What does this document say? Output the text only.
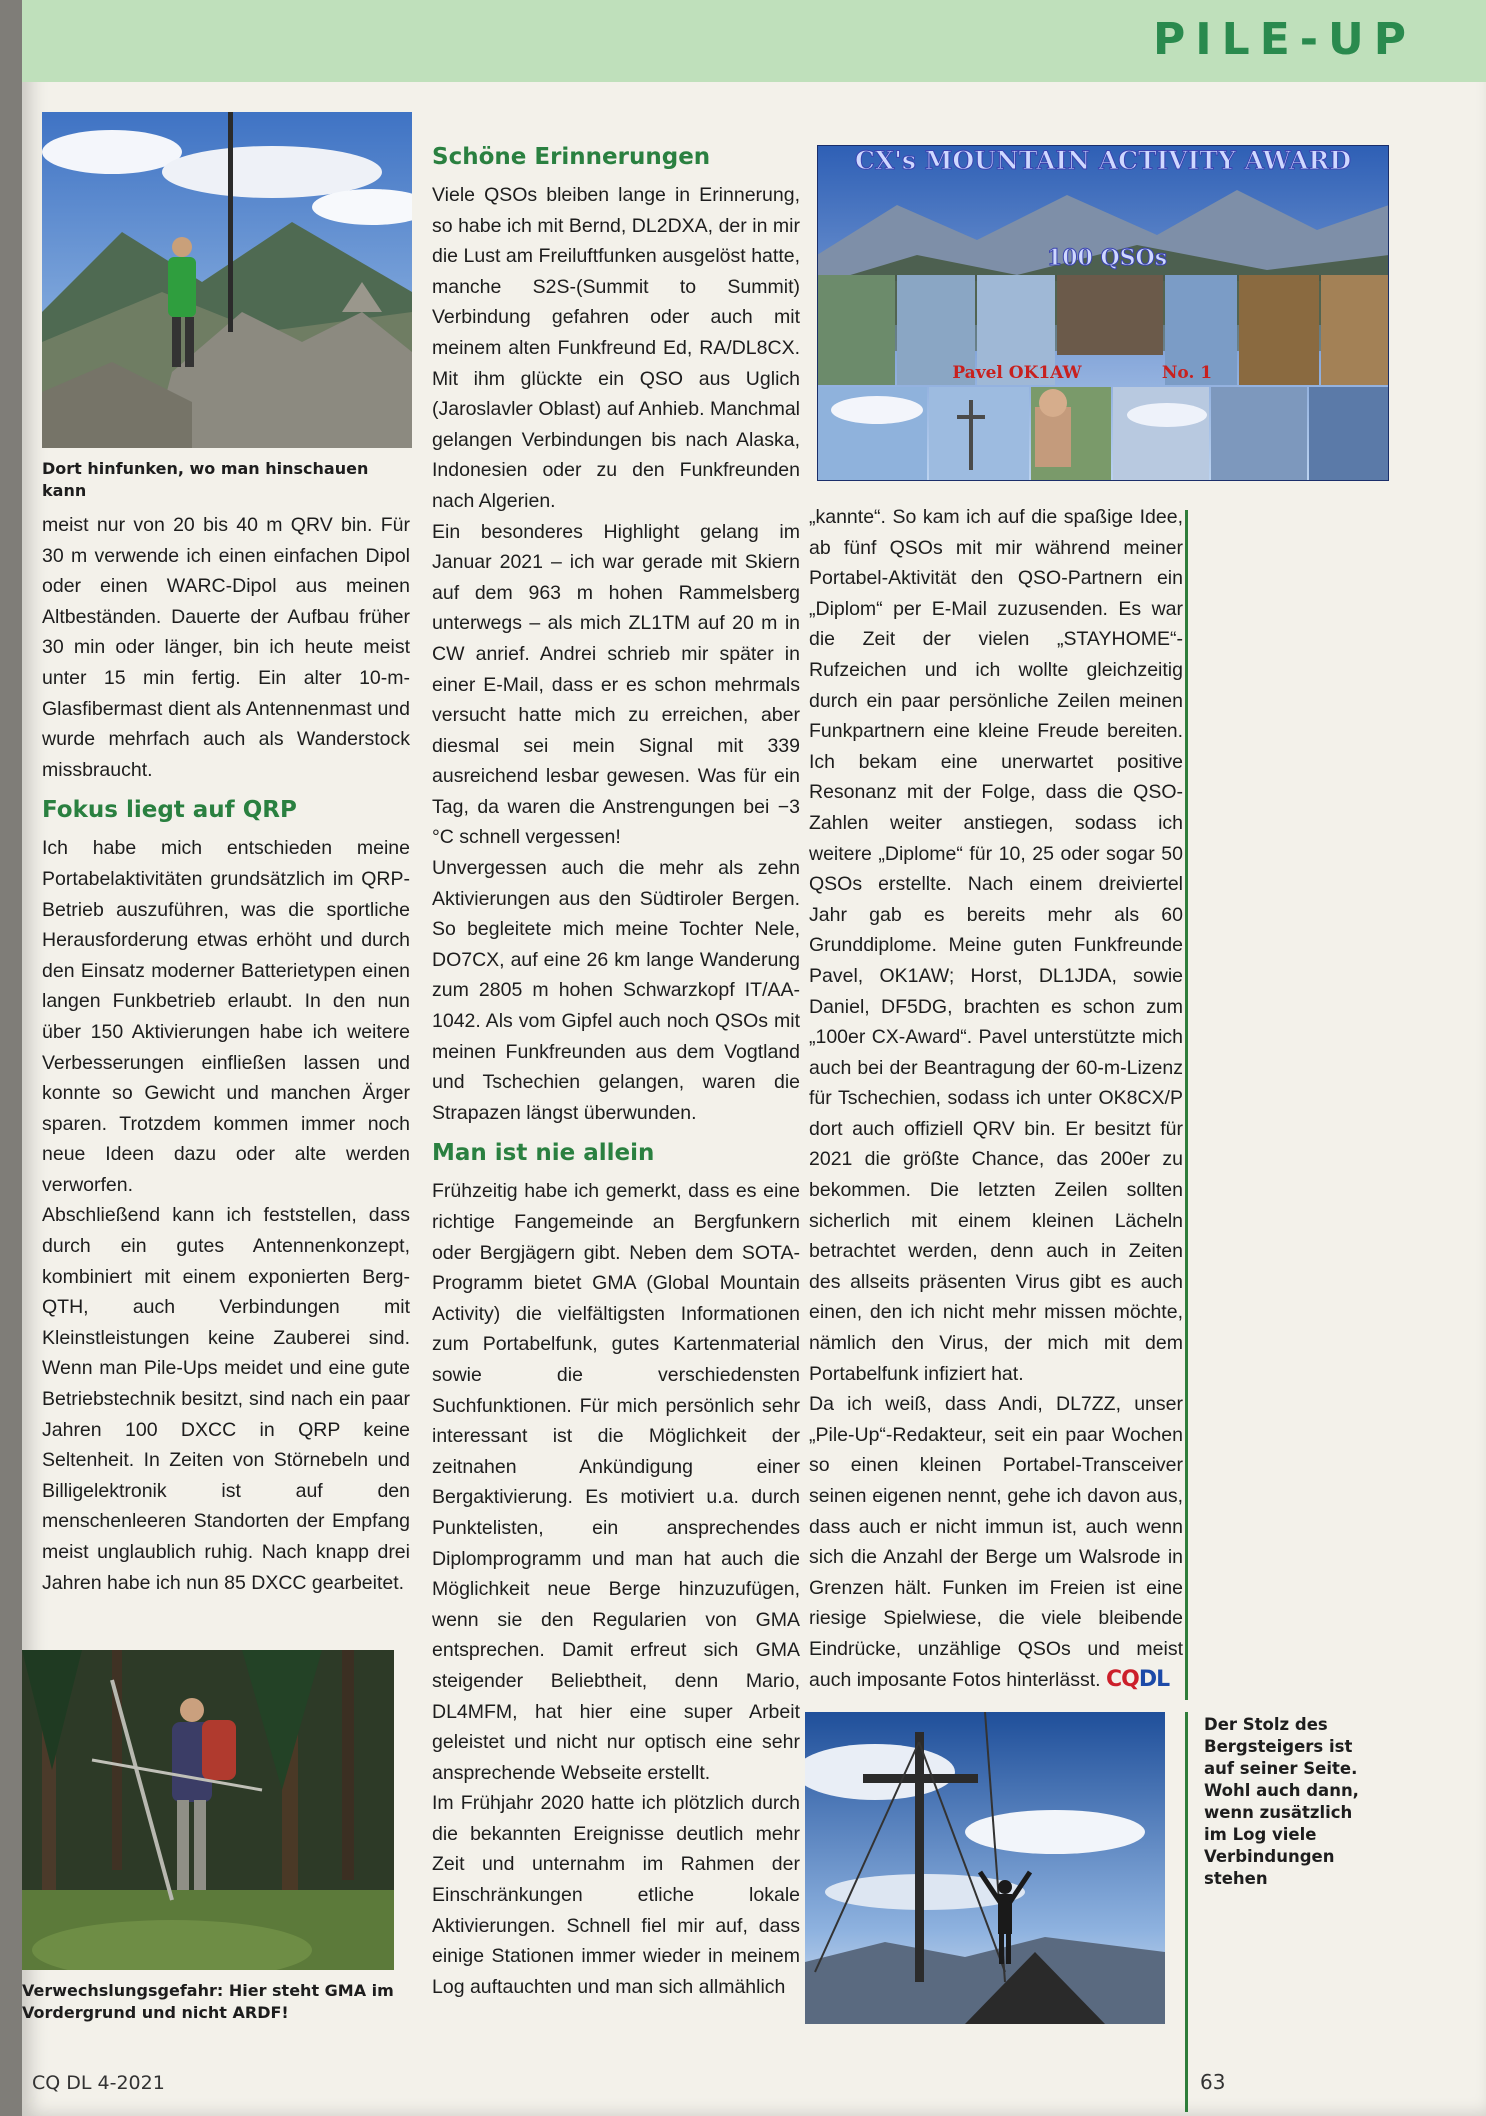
PILE-UP
Dort hinfunken, wo man hinschauen kann

meist nur von 20 bis 40 m QRV bin. Für 30 m verwende ich einen einfachen Dipol oder einen WARC-Dipol aus meinen Altbeständen. Dauerte der Aufbau früher 30 min oder länger, bin ich heute meist unter 15 min fertig. Ein alter 10-m-Glasfibermast dient als Antennenmast und wurde mehrfach auch als Wanderstock missbraucht.

Fokus liegt auf QRP

Ich habe mich entschieden meine Portabelaktivitäten grundsätzlich im QRP-Betrieb auszuführen, was die sportliche Herausforderung etwas erhöht und durch den Einsatz moderner Batterietypen einen langen Funkbetrieb erlaubt. In den nun über 150 Aktivierungen habe ich weitere Verbesserungen einfließen lassen und konnte so Gewicht und manchen Ärger sparen. Trotzdem kommen immer noch neue Ideen dazu oder alte werden verworfen.

Abschließend kann ich feststellen, dass durch ein gutes Antennenkonzept, kombiniert mit einem exponierten Berg-QTH, auch Verbindungen mit Kleinstleistungen keine Zauberei sind. Wenn man Pile-Ups meidet und eine gute Betriebstechnik besitzt, sind nach ein paar Jahren 100 DXCC in QRP keine Seltenheit. In Zeiten von Störnebeln und Billigelektronik ist auf den menschenleeren Standorten der Empfang meist unglaublich ruhig. Nach knapp drei Jahren habe ich nun 85 DXCC gearbeitet.

Verwechslungsgefahr: Hier steht GMA im Vordergrund und nicht ARDF!
Schöne Erinnerungen

Viele QSOs bleiben lange in Erinnerung, so habe ich mit Bernd, DL2DXA, der in mir die Lust am Freiluftfunken ausgelöst hatte, manche S2S-(Summit to Summit) Verbindung gefahren oder auch mit meinem alten Funkfreund Ed, RA/DL8CX. Mit ihm glückte ein QSO aus Uglich (Jaroslavler Oblast) auf Anhieb. Manchmal gelangen Verbindungen bis nach Alaska, Indonesien oder zu den Funkfreunden nach Algerien.

Ein besonderes Highlight gelang im Januar 2021 – ich war gerade mit Skiern auf dem 963 m hohen Rammelsberg unterwegs – als mich ZL1TM auf 20 m in CW anrief. Andrei schrieb mir später in einer E-Mail, dass er es schon mehrmals versucht hatte mich zu erreichen, aber diesmal sei mein Signal mit 339 ausreichend lesbar gewesen. Was für ein Tag, da waren die Anstrengungen bei −3 °C schnell vergessen!

Unvergessen auch die mehr als zehn Aktivierungen aus den Südtiroler Bergen. So begleitete mich meine Tochter Nele, DO7CX, auf eine 26 km lange Wanderung zum 2805 m hohen Schwarzkopf IT/AA-1042. Als vom Gipfel auch noch QSOs mit meinen Funkfreunden aus dem Vogtland und Tschechien gelangen, waren die Strapazen längst überwunden.

Man ist nie allein

Frühzeitig habe ich gemerkt, dass es eine richtige Fangemeinde an Bergfunkern oder Bergjägern gibt. Neben dem SOTA-Programm bietet GMA (Global Mountain Activity) die vielfältigsten Informationen zum Portabelfunk, gutes Kartenmaterial sowie die verschiedensten Suchfunktionen. Für mich persönlich sehr interessant ist die Möglichkeit der zeitnahen Ankündigung einer Bergaktivierung. Es motiviert u.a. durch Punktelisten, ein ansprechendes Diplomprogramm und man hat auch die Möglichkeit neue Berge hinzuzufügen, wenn sie den Regularien von GMA entsprechen. Damit erfreut sich GMA steigender Beliebtheit, denn Mario, DL4MFM, hat hier eine super Arbeit geleistet und nicht nur optisch eine sehr ansprechende Webseite erstellt.

Im Frühjahr 2020 hatte ich plötzlich durch die bekannten Ereignisse deutlich mehr Zeit und unternahm im Rahmen der Einschränkungen etliche lokale Aktivierungen. Schnell fiel mir auf, dass einige Stationen immer wieder in meinem Log auftauchten und man sich allmählich

CX's MOUNTAIN ACTIVITY AWARD
100 QSOs
Pavel OK1AW	No. 1

„kannte“. So kam ich auf die spaßige Idee, ab fünf QSOs mit mir während meiner Portabel-Aktivität den QSO-Partnern ein „Diplom“ per E-Mail zuzusenden. Es war die Zeit der vielen „STAYHOME“-Rufzeichen und ich wollte gleichzeitig durch ein paar persönliche Zeilen meinen Funkpartnern eine kleine Freude bereiten. Ich bekam eine unerwartet positive Resonanz mit der Folge, dass die QSO-Zahlen weiter anstiegen, sodass ich weitere „Diplome“ für 10, 25 oder sogar 50 QSOs erstellte. Nach einem dreiviertel Jahr gab es bereits mehr als 60 Grunddiplome. Meine guten Funkfreunde Pavel, OK1AW; Horst, DL1JDA, sowie Daniel, DF5DG, brachten es schon zum „100er CX-Award“. Pavel unterstützte mich auch bei der Beantragung der 60-m-Lizenz für Tschechien, sodass ich unter OK8CX/P dort auch offiziell QRV bin. Er besitzt für 2021 die größte Chance, das 200er zu bekommen. Die letzten Zeilen sollten sicherlich mit einem kleinen Lächeln betrachtet werden, denn auch in Zeiten des allseits präsenten Virus gibt es auch einen, den ich nicht mehr missen möchte, nämlich den Virus, der mich mit dem Portabelfunk infiziert hat.

Da ich weiß, dass Andi, DL7ZZ, unser „Pile-Up“-Redakteur, seit ein paar Wochen so einen kleinen Portabel-Transceiver seinen eigenen nennt, gehe ich davon aus, dass auch er nicht immun ist, auch wenn sich die Anzahl der Berge um Walsrode in Grenzen hält. Funken im Freien ist eine riesige Spielwiese, die viele bleibende Eindrücke, unzählige QSOs und meist auch imposante Fotos hinterlässt. CQDL

Der Stolz des Bergsteigers ist auf seiner Seite. Wohl auch dann, wenn zusätzlich im Log viele Verbindungen stehen
CQ DL 4-2021	63
